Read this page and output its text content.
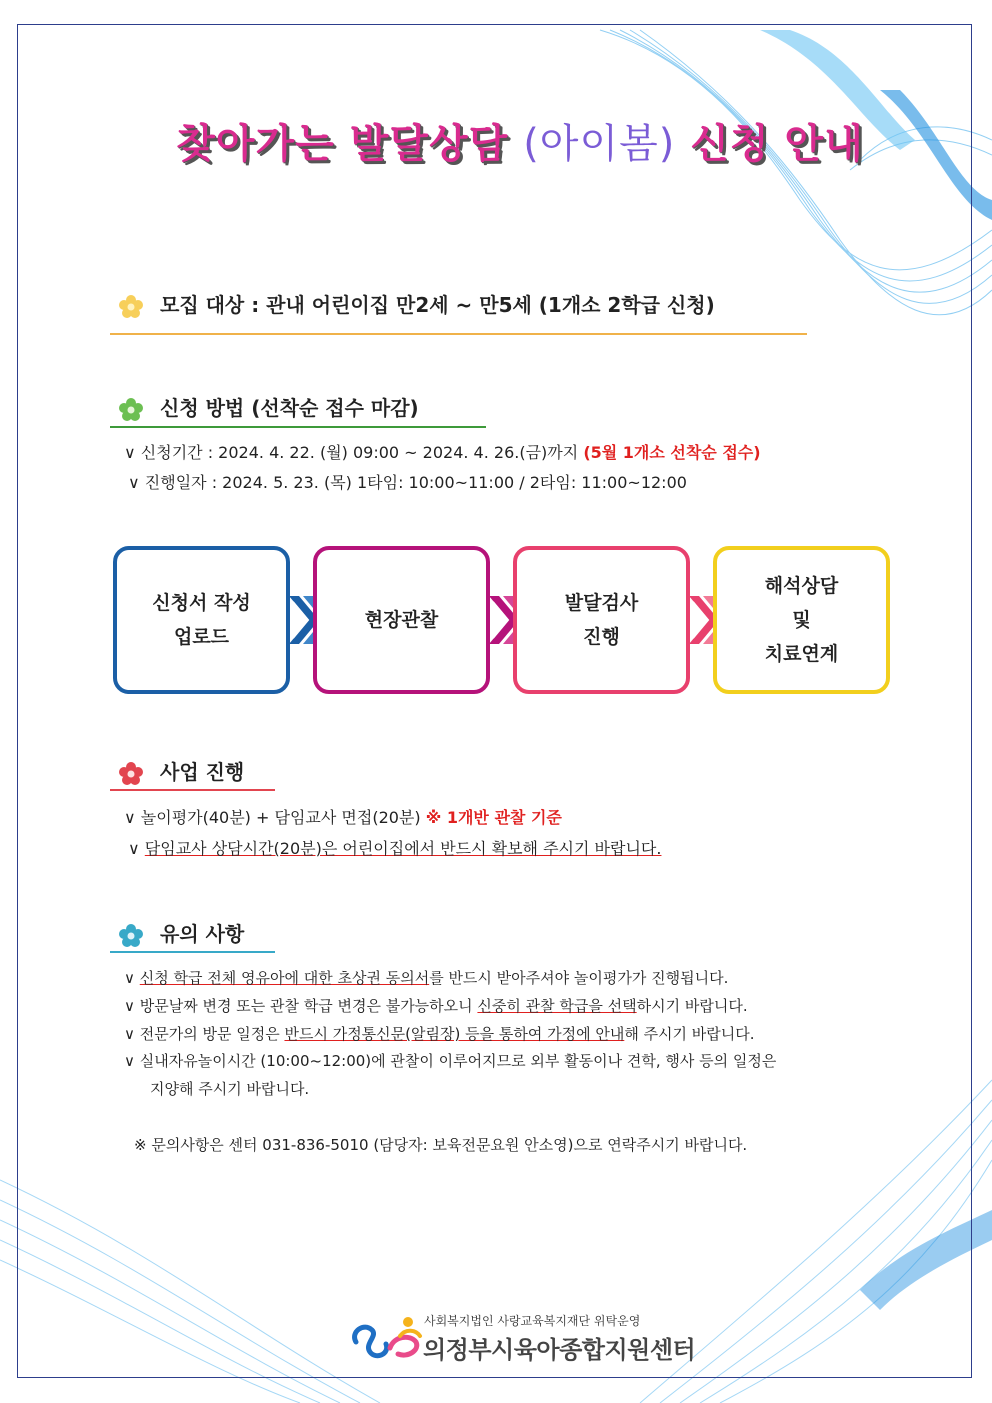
찾아가는 발달상담 (아이봄) 신청 안내
모집 대상 : 관내 어린이집 만2세 ~ 만5세 (1개소 2학급 신청)
신청 방법 (선착순 접수 마감)
∨ 신청기간 : 2024. 4. 22. (월) 09:00 ~ 2024. 4. 26.(금)까지 (5월 1개소 선착순 접수)
∨ 진행일자 : 2024. 5. 23. (목) 1타임: 10:00~11:00 / 2타임: 11:00~12:00
신청서 작성
업로드
현장관찰
발달검사
진행
해석상담
및
치료연계
사업 진행
∨ 놀이평가(40분) + 담임교사 면접(20분) ※ 1개반 관찰 기준
∨ 담임교사 상담시간(20분)은 어린이집에서 반드시 확보해 주시기 바랍니다.
유의 사항
∨ 신청 학급 전체 영유아에 대한 초상권 동의서를 반드시 받아주셔야 놀이평가가 진행됩니다.
∨ 방문날짜 변경 또는 관찰 학급 변경은 불가능하오니 신중히 관찰 학급을 선택하시기 바랍니다.
∨ 전문가의 방문 일정은 반드시 가정통신문(알림장) 등을 통하여 가정에 안내해 주시기 바랍니다.
∨ 실내자유놀이시간 (10:00~12:00)에 관찰이 이루어지므로 외부 활동이나 견학, 행사 등의 일정은
지양해 주시기 바랍니다.
※ 문의사항은 센터 031-836-5010 (담당자: 보육전문요원 안소영)으로 연락주시기 바랍니다.
사회복지법인 사랑교육복지재단 위탁운영
의정부시육아종합지원센터
